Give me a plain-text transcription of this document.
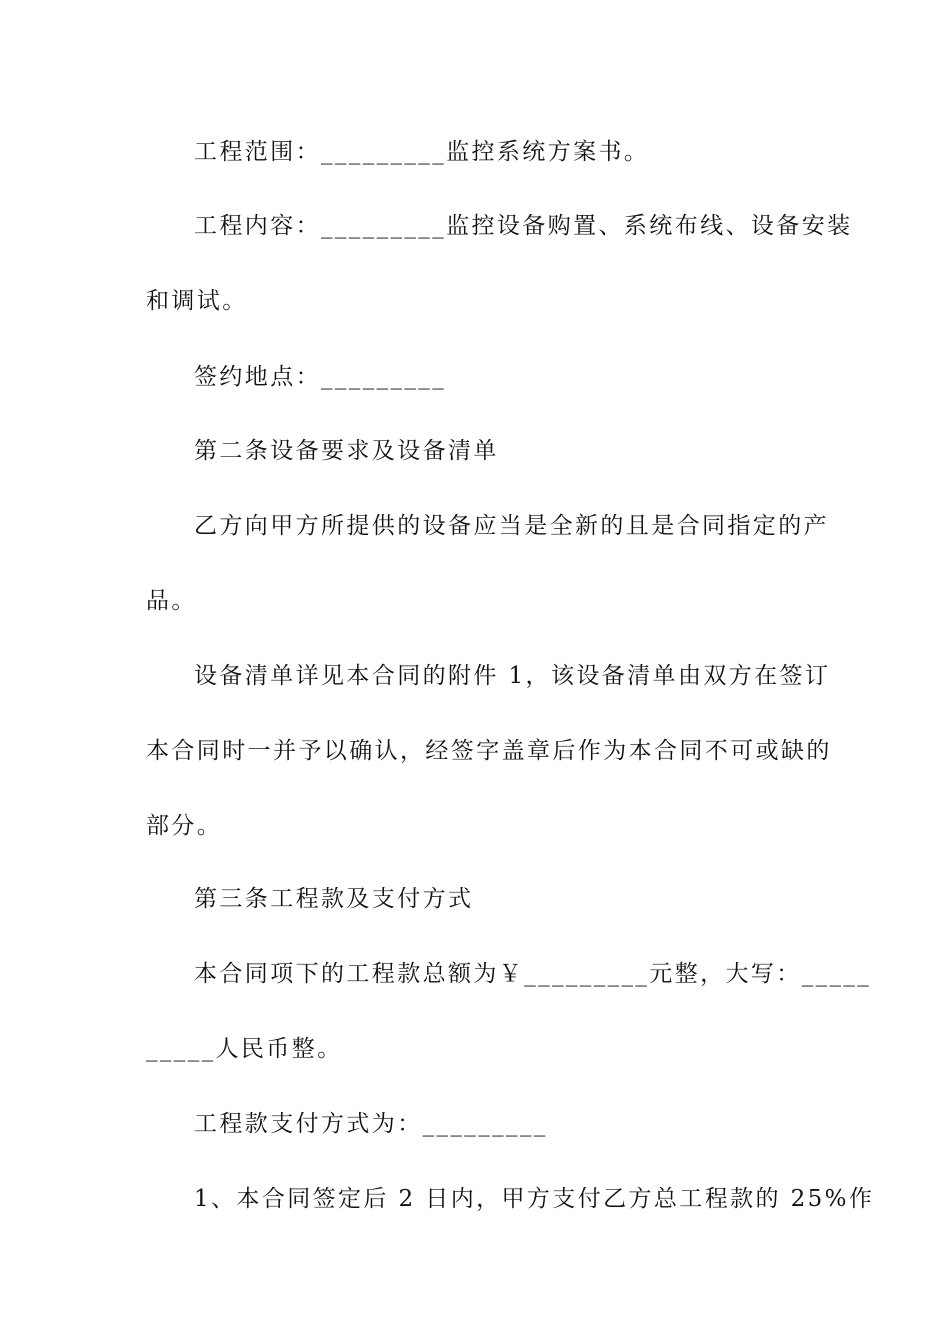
工程范围：_________监控系统方案书。
工程内容：_________监控设备购置、系统布线、设备安装
和调试。
签约地点：_________
第二条设备要求及设备清单
乙方向甲方所提供的设备应当是全新的且是合同指定的产
品。
设备清单详见本合同的附件 1，该设备清单由双方在签订
本合同时一并予以确认，经签字盖章后作为本合同不可或缺的
部分。
第三条工程款及支付方式
本合同项下的工程款总额为￥_________元整，大写：_____
_____人民币整。
工程款支付方式为：_________
1、本合同签定后 2 日内，甲方支付乙方总工程款的 25%作
